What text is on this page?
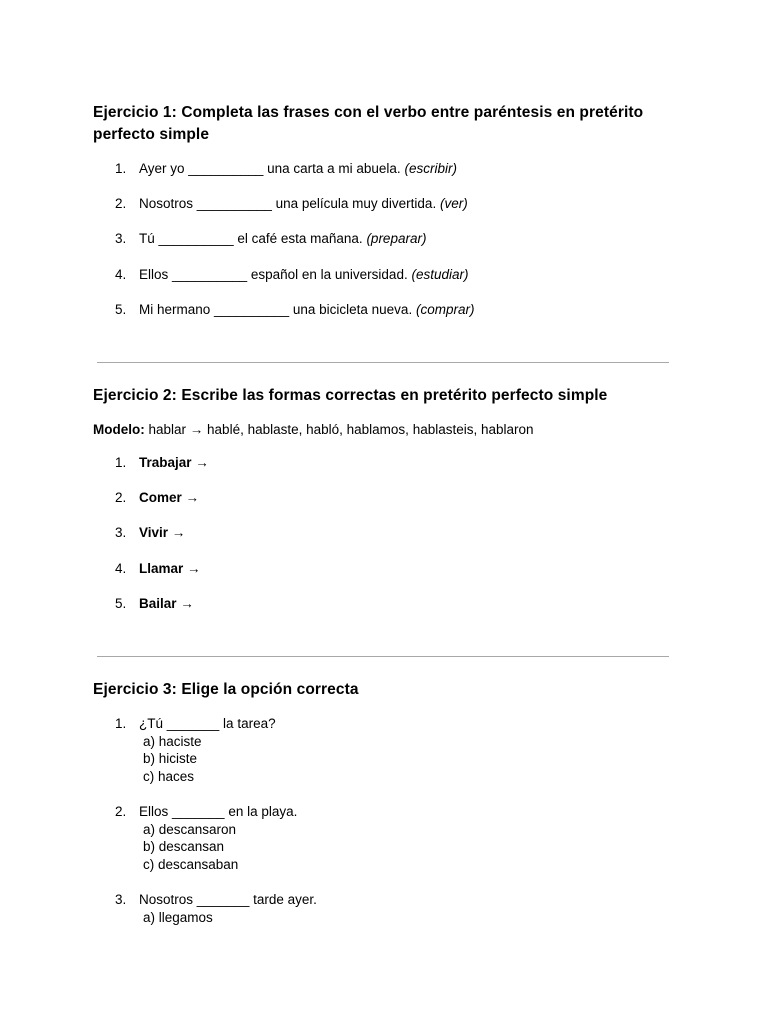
Ejercicio 1: Completa las frases con el verbo entre paréntesis en pretérito perfecto simple
1. Ayer yo __________ una carta a mi abuela. (escribir)
2. Nosotros __________ una película muy divertida. (ver)
3. Tú __________ el café esta mañana. (preparar)
4. Ellos __________ español en la universidad. (estudiar)
5. Mi hermano __________ una bicicleta nueva. (comprar)
Ejercicio 2: Escribe las formas correctas en pretérito perfecto simple
Modelo: hablar → hablé, hablaste, habló, hablamos, hablasteis, hablaron
1. Trabajar →
2. Comer →
3. Vivir →
4. Llamar →
5. Bailar →
Ejercicio 3: Elige la opción correcta
1. ¿Tú _______ la tarea?
a) haciste
b) hiciste
c) haces
2. Ellos _______ en la playa.
a) descansaron
b) descansan
c) descansaban
3. Nosotros _______ tarde ayer.
a) llegamos
